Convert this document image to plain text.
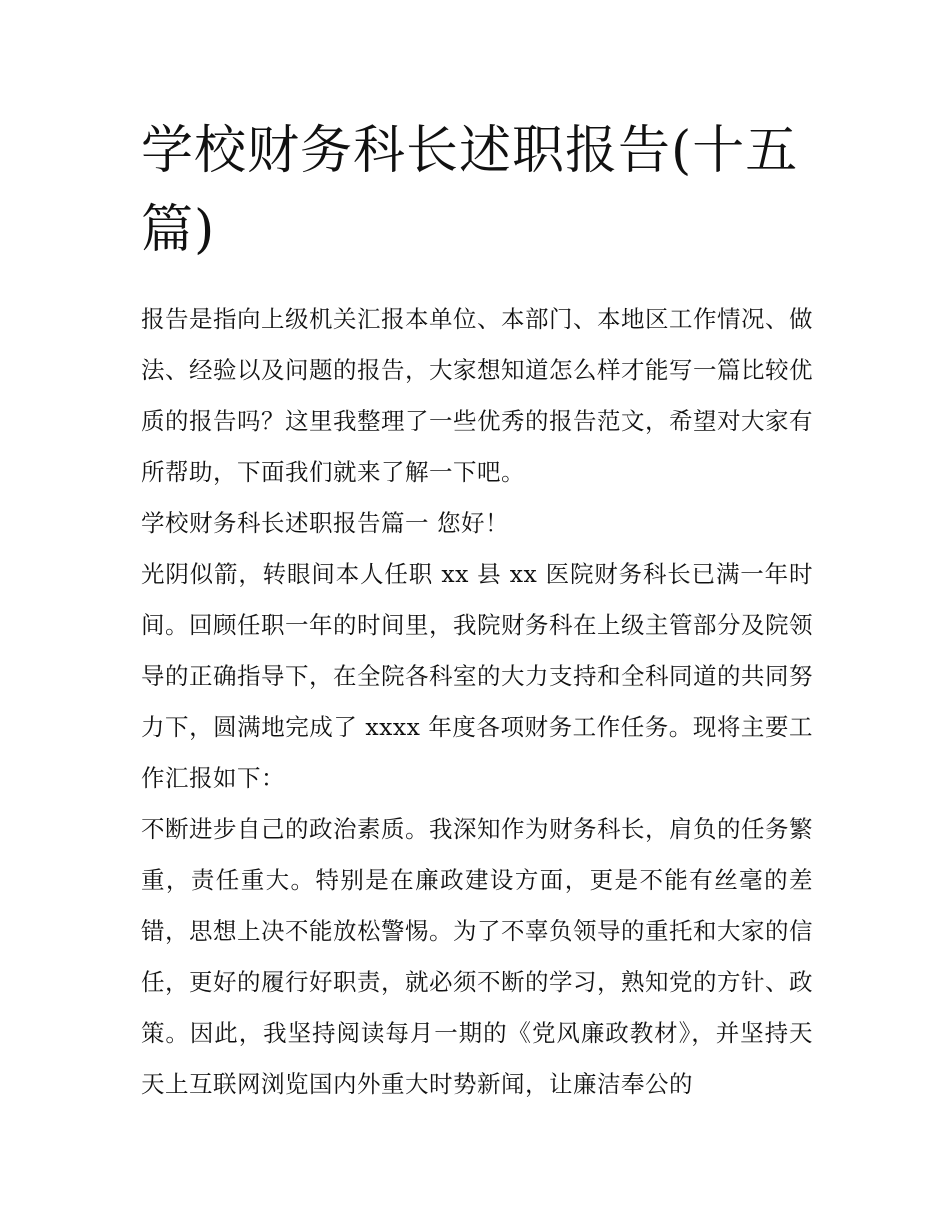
学校财务科长述职报告(十五篇)

报告是指向上级机关汇报本单位、本部门、本地区工作情况、做法、经验以及问题的报告，大家想知道怎么样才能写一篇比较优质的报告吗？这里我整理了一些优秀的报告范文，希望对大家有所帮助，下面我们就来了解一下吧。

学校财务科长述职报告篇一 您好！

光阴似箭，转眼间本人任职 xx 县 xx 医院财务科长已满一年时间。回顾任职一年的时间里，我院财务科在上级主管部分及院领导的正确指导下，在全院各科室的大力支持和全科同道的共同努力下，圆满地完成了 xxxx 年度各项财务工作任务。现将主要工作汇报如下：

不断进步自己的政治素质。我深知作为财务科长，肩负的任务繁重，责任重大。特别是在廉政建设方面，更是不能有丝毫的差错，思想上决不能放松警惕。为了不辜负领导的重托和大家的信任，更好的履行好职责，就必须不断的学习，熟知党的方针、政策。因此，我坚持阅读每月一期的《党风廉政教材》，并坚持天天上互联网浏览国内外重大时势新闻，让廉洁奉公的
